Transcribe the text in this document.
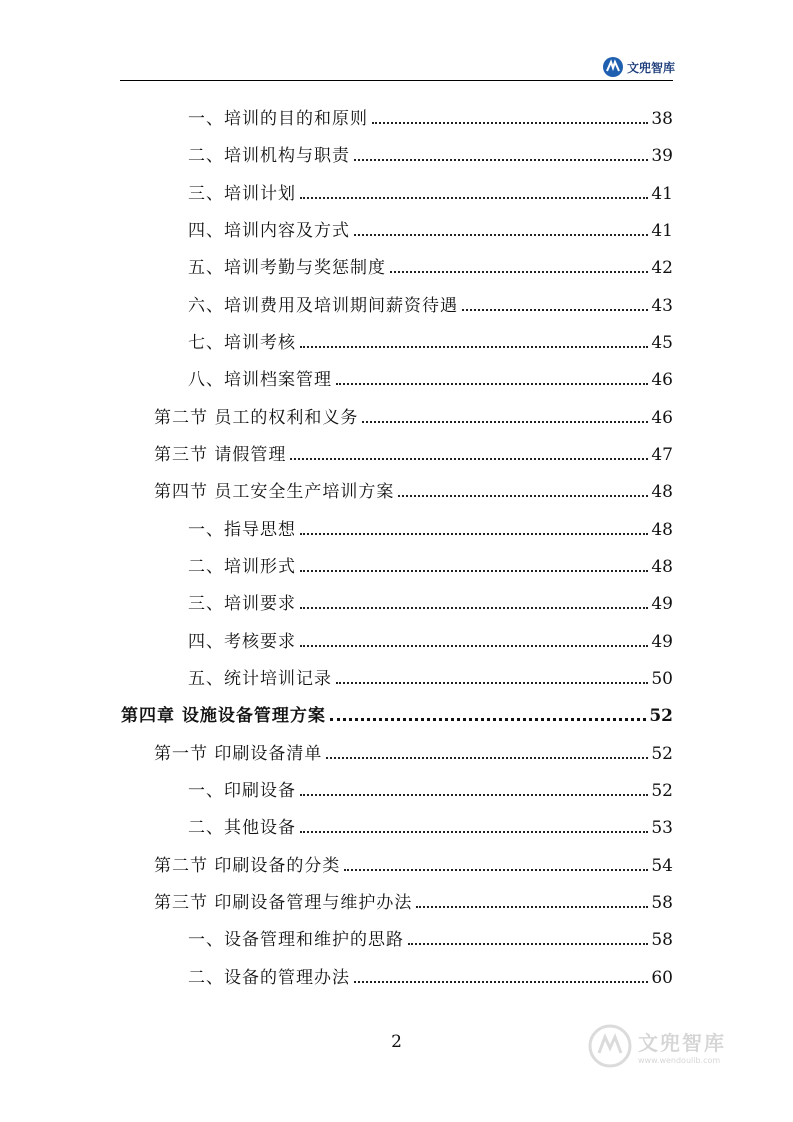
文兜智库
一、培训的目的和原则	38
二、培训机构与职责	39
三、培训计划	41
四、培训内容及方式	41
五、培训考勤与奖惩制度	42
六、培训费用及培训期间薪资待遇	43
七、培训考核	45
八、培训档案管理	46
第二节 员工的权利和义务	46
第三节 请假管理	47
第四节 员工安全生产培训方案	48
一、指导思想	48
二、培训形式	48
三、培训要求	49
四、考核要求	49
五、统计培训记录	50
第四章 设施设备管理方案	52
第一节 印刷设备清单	52
一、印刷设备	52
二、其他设备	53
第二节 印刷设备的分类	54
第三节 印刷设备管理与维护办法	58
一、设备管理和维护的思路	58
二、设备的管理办法	60
2	文兜智库
www.wendoulib.com
